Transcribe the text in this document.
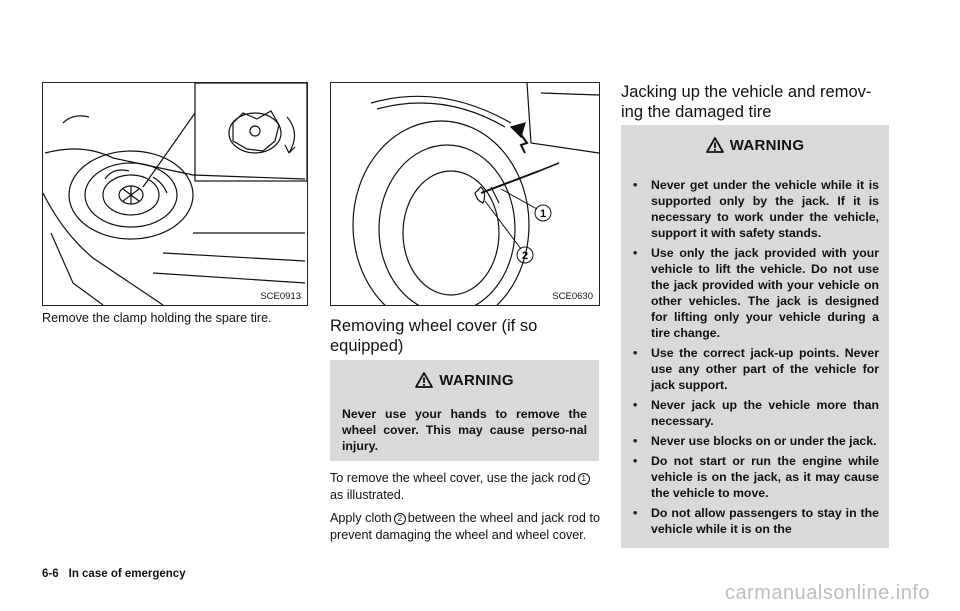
SCE0913
Remove the clamp holding the spare tire.
1
2
SCE0630
Removing wheel cover (if so
equipped)
WARNING
Never use your hands to remove the wheel cover. This may cause perso-nal injury.
To remove the wheel cover, use the jack rod 1as illustrated.
Apply cloth 2 between the wheel and jack rod to prevent damaging the wheel and wheel cover.
Jacking up the vehicle and remov-
ing the damaged tire
WARNING
• Never get under the vehicle while it is supported only by the jack. If it is necessary to work under the vehicle, support it with safety stands.
• Use only the jack provided with your vehicle to lift the vehicle. Do not use the jack provided with your vehicle on other vehicles. The jack is designed for lifting only your vehicle during a tire change.
• Use the correct jack-up points. Never use any other part of the vehicle for jack support.
• Never jack up the vehicle more than necessary.
• Never use blocks on or under the jack.
• Do not start or run the engine while vehicle is on the jack, as it may cause the vehicle to move.
• Do not allow passengers to stay in the vehicle while it is on the
6-6 In case of emergency
carmanualsonline.info
